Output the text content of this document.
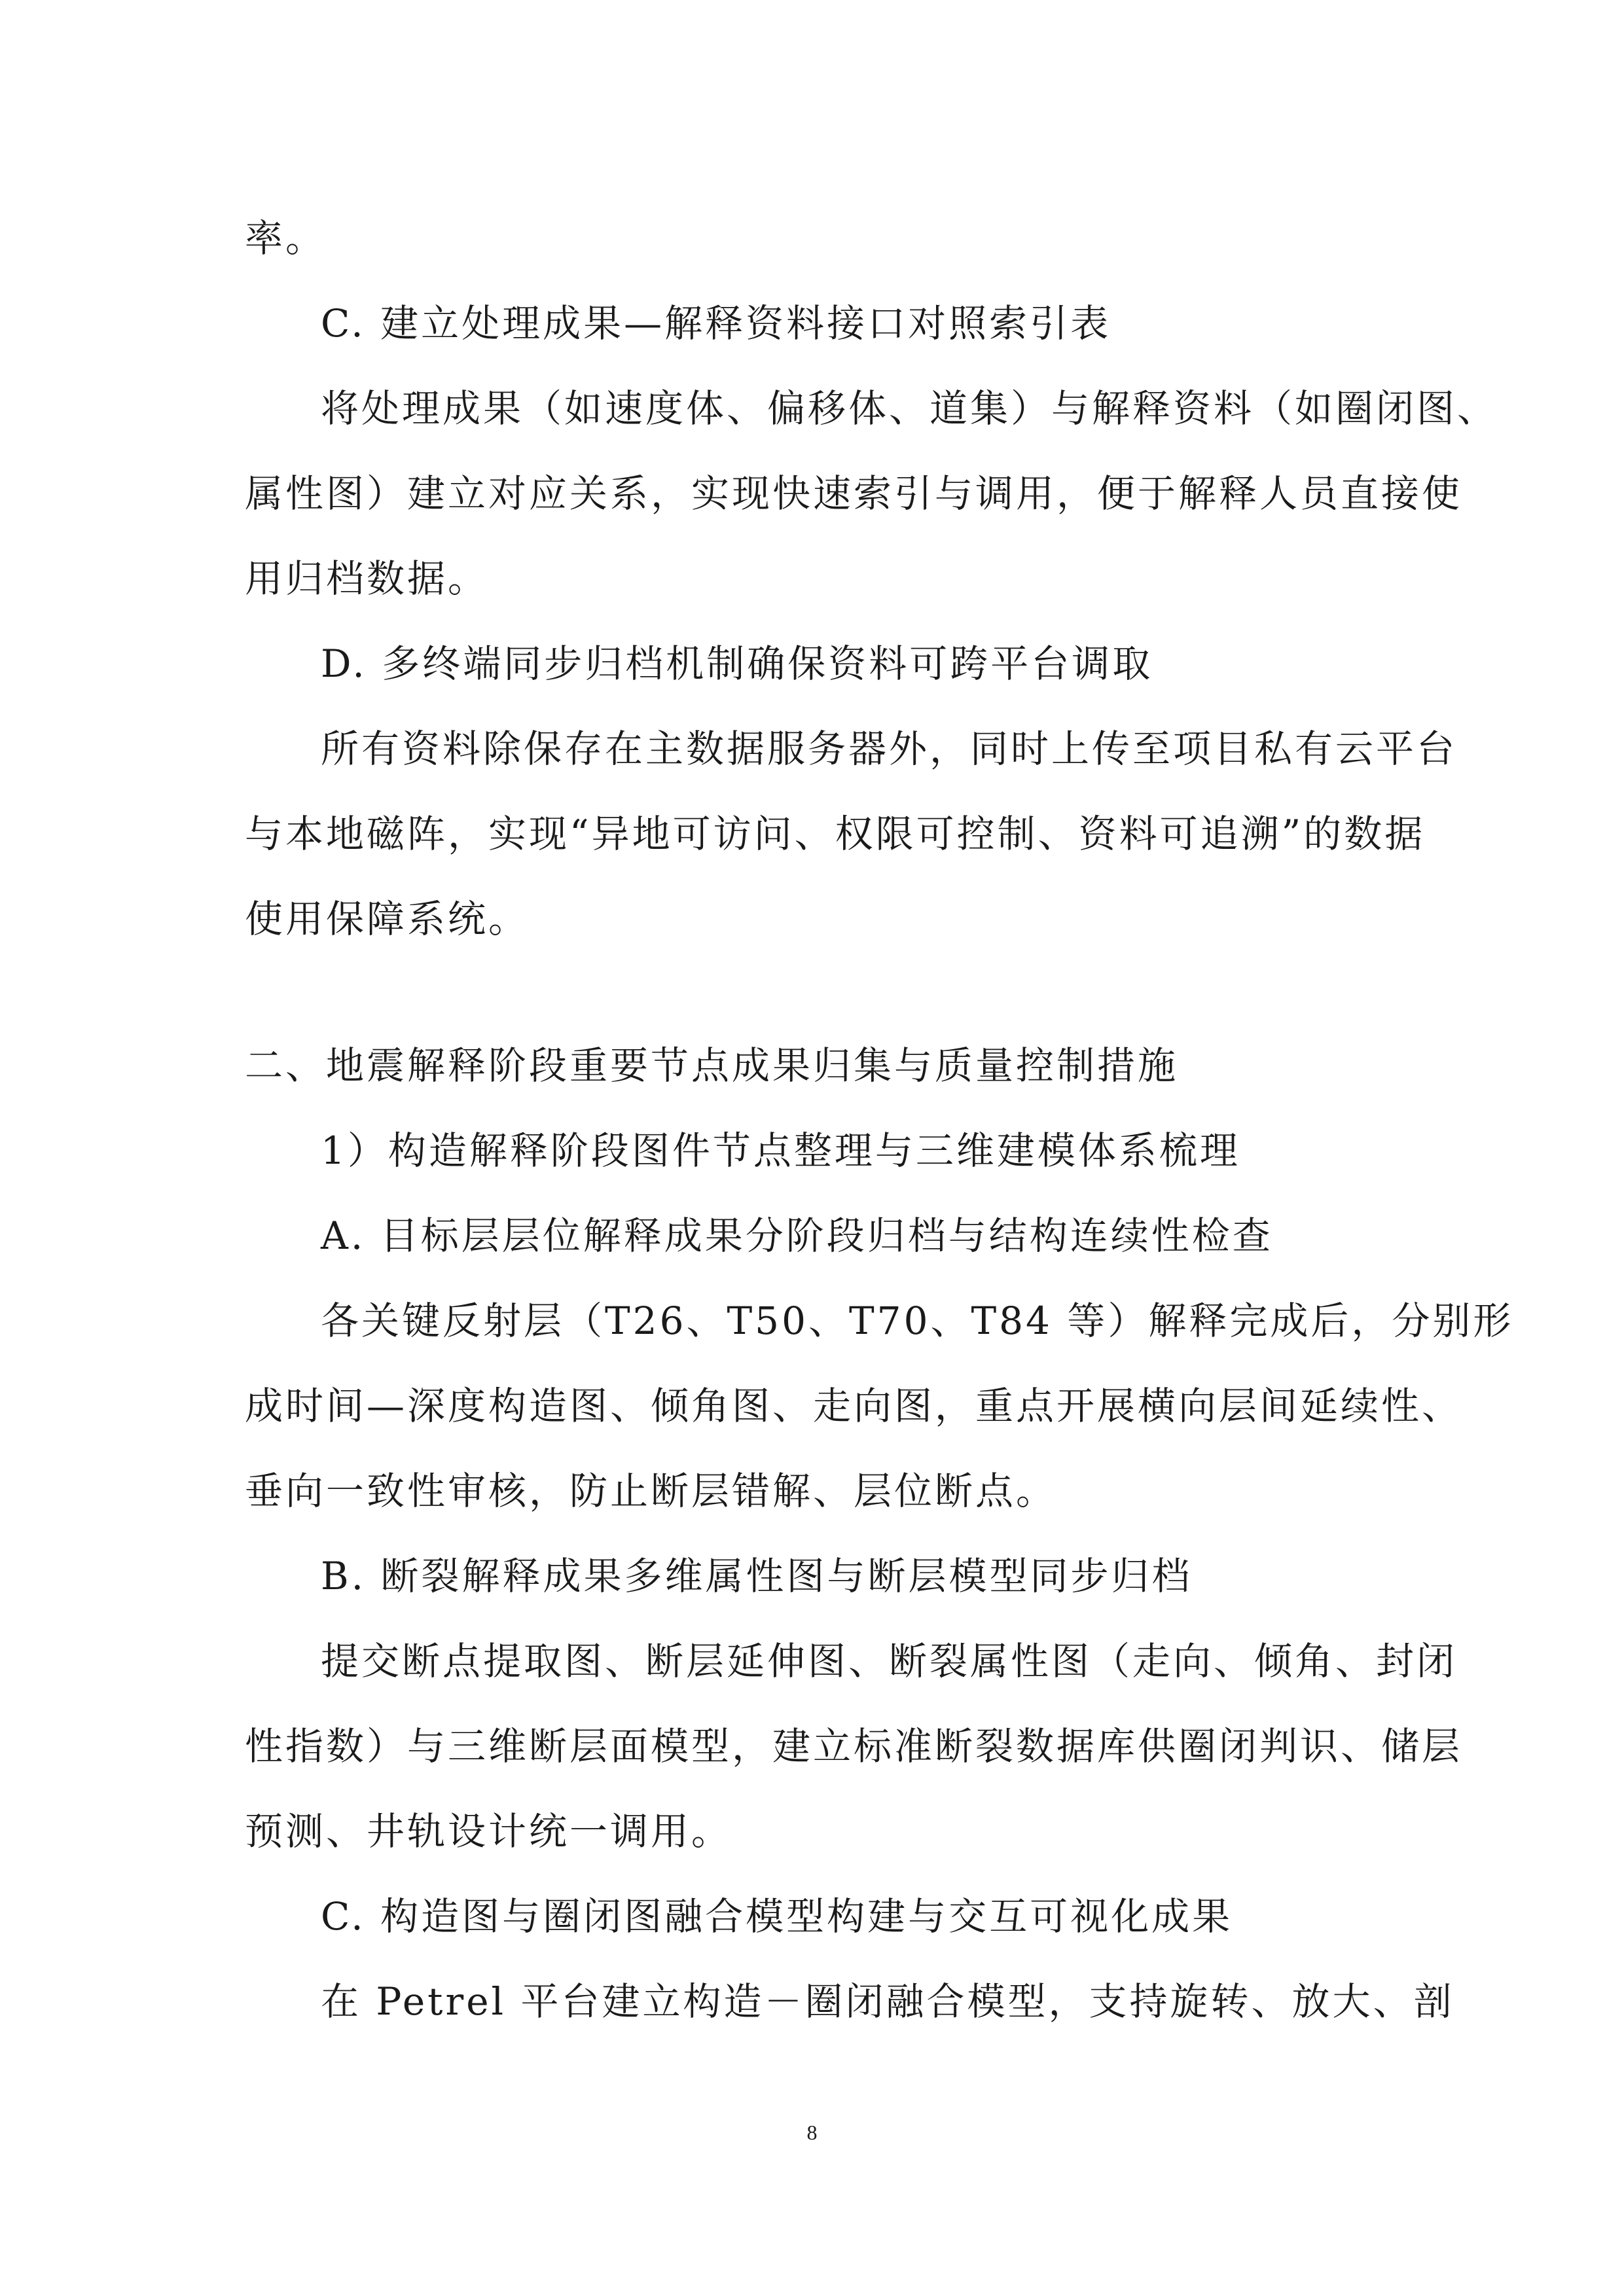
率。
C. 建立处理成果—解释资料接口对照索引表
将处理成果（如速度体、偏移体、道集）与解释资料（如圈闭图、
属性图）建立对应关系，实现快速索引与调用，便于解释人员直接使
用归档数据。
D. 多终端同步归档机制确保资料可跨平台调取
所有资料除保存在主数据服务器外，同时上传至项目私有云平台
与本地磁阵，实现“异地可访问、权限可控制、资料可追溯”的数据
使用保障系统。
二、地震解释阶段重要节点成果归集与质量控制措施
1）构造解释阶段图件节点整理与三维建模体系梳理
A. 目标层层位解释成果分阶段归档与结构连续性检查
各关键反射层（T26、T50、T70、T84 等）解释完成后，分别形
成时间—深度构造图、倾角图、走向图，重点开展横向层间延续性、
垂向一致性审核，防止断层错解、层位断点。
B. 断裂解释成果多维属性图与断层模型同步归档
提交断点提取图、断层延伸图、断裂属性图（走向、倾角、封闭
性指数）与三维断层面模型，建立标准断裂数据库供圈闭判识、储层
预测、井轨设计统一调用。
C. 构造图与圈闭图融合模型构建与交互可视化成果
在 Petrel 平台建立构造－圈闭融合模型，支持旋转、放大、剖
8
